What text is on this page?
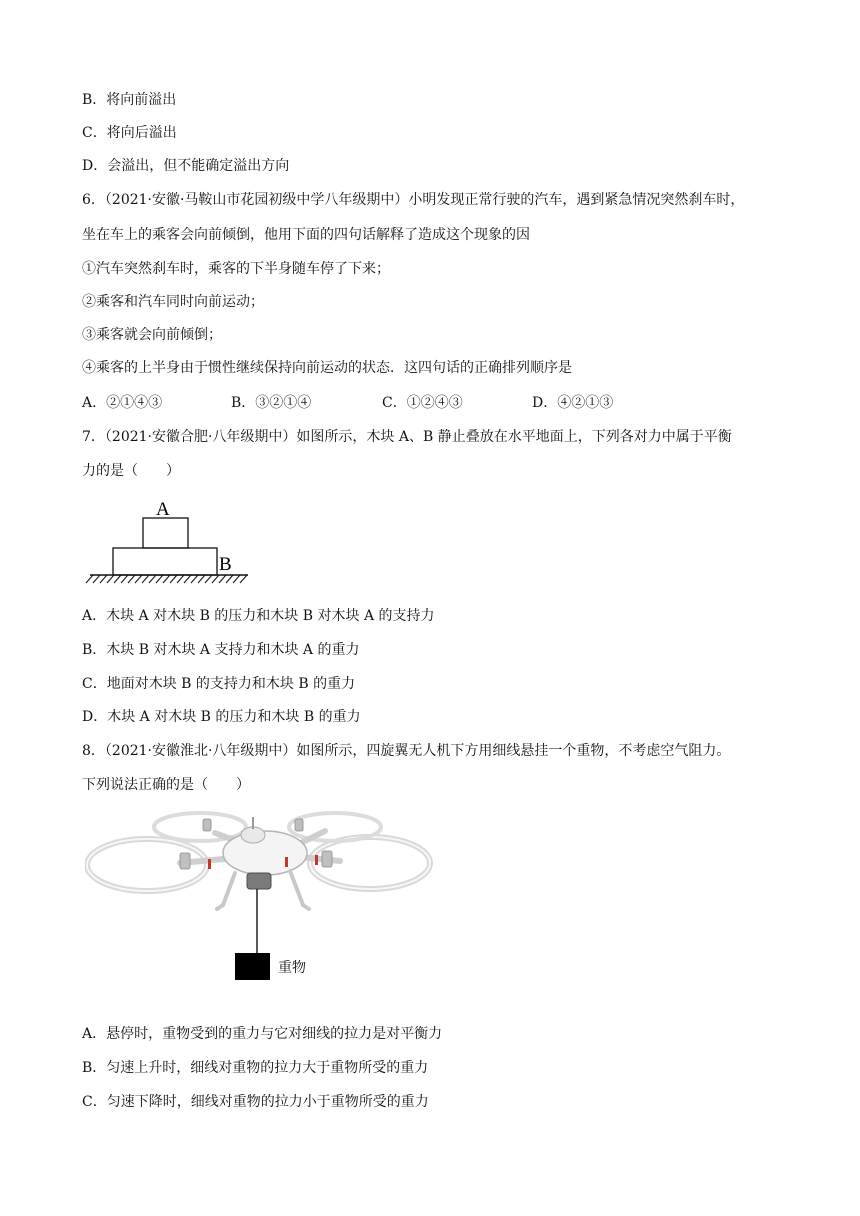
B．将向前溢出
C．将向后溢出
D．会溢出，但不能确定溢出方向
6．（2021·安徽·马鞍山市花园初级中学八年级期中）小明发现正常行驶的汽车，遇到紧急情况突然刹车时，
坐在车上的乘客会向前倾倒，他用下面的四句话解释了造成这个现象的因
①汽车突然刹车时，乘客的下半身随车停了下来；
②乘客和汽车同时向前运动；
③乘客就会向前倾倒；
④乘客的上半身由于惯性继续保持向前运动的状态．这四句话的正确排列顺序是
A．②①④③	B．③②①④	C．①②④③	D．④②①③
7．（2021·安徽合肥·八年级期中）如图所示，木块 A、B 静止叠放在水平地面上，下列各对力中属于平衡
力的是（　　）
A
B
A．木块 A 对木块 B 的压力和木块 B 对木块 A 的支持力
B．木块 B 对木块 A 支持力和木块 A 的重力
C．地面对木块 B 的支持力和木块 B 的重力
D．木块 A 对木块 B 的压力和木块 B 的重力
8．（2021·安徽淮北·八年级期中）如图所示，四旋翼无人机下方用细线悬挂一个重物，不考虑空气阻力。
下列说法正确的是（　　）
重物
A．悬停时，重物受到的重力与它对细线的拉力是对平衡力
B．匀速上升时，细线对重物的拉力大于重物所受的重力
C．匀速下降时，细线对重物的拉力小于重物所受的重力
